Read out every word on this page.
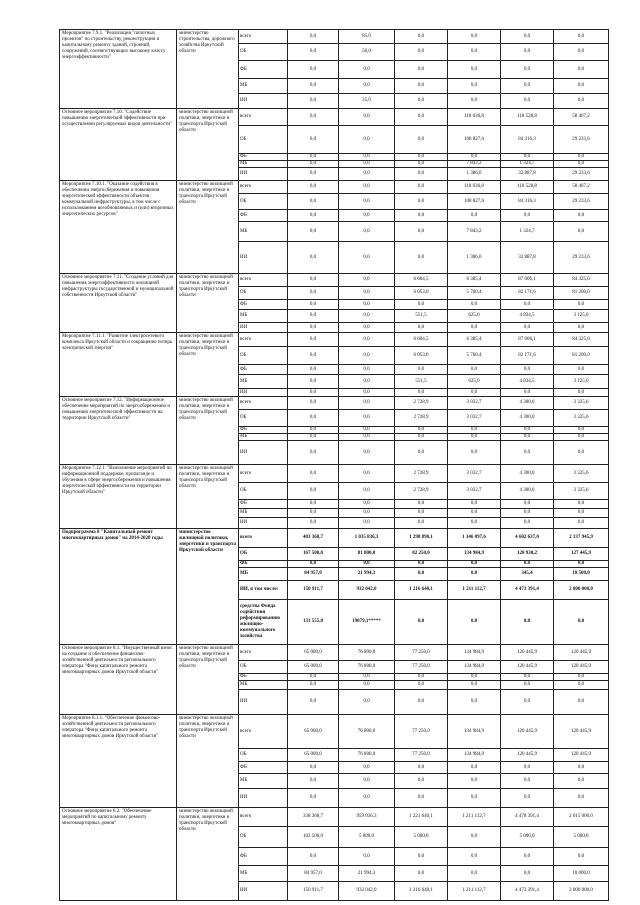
Мероприятие 7.9.1. "Реализация "пилотных проектов" по строительству, реконструкции и капитальному ремонту зданий, строений, сооружений, соответствующих высокому классу энергоэффективности"	министерство строительства, дорожного хозяйства Иркутской области	всего	0,0	85,0	0,0	0,0	0,0	0,0	
		ОБ	0,0	50,0	0,0	0,0	0,0	0,0	
		ФБ	0,0	0,0	0,0	0,0	0,0	0,0	
		МБ	0,0	0,0	0,0	0,0	0,0	0,0	
		ИИ	0,0	35,0	0,0	0,0	0,0	0,0	
Основное мероприятие 7.10. "Содействие повышению энергетической эффективности при осуществлении регулируемых видов деятельности"	министерство жилищной политики, энергетики и транспорта Иркутской области	всего	0,0	0,0	0,0	118 036,8	118 528,8	58 467,2	
		ОБ	0,0	0,0	0,0	108 827,6	84 316,3	29 233,6	
		ФБ	0,0	0,0	0,0	0,0	0,0	0,0	
		МБ	0,0	0,0	0,0	7 843,2	1 324,7	0,0	
		ИИ	0,0	0,0	0,0	1 386,0	32 887,8	29 233,6	
Мероприятие 7.10.1. "Оказание содействия в обеспечении энергосбережения и повышения энергетической эффективности объектов коммунальной инфраструктуры, в том числе с использованием возобновляемых и (или) вторичных энергетических ресурсов"	министерство жилищной политики, энергетики и транспорта Иркутской области	всего	0,0	0,0	0,0	118 036,8	118 528,8	58 467,2	
		ОБ	0,0	0,0	0,0	108 827,6	84 316,3	29 233,6	
		ФБ	0,0	0,0	0,0	0,0	0,0	0,0	
		МБ	0,0	0,0	0,0	7 843,2	1 324,7	0,0	
		ИИ	0,0	0,0	0,0	1 386,0	32 887,8	29 233,6	
Основное мероприятие 7.11. "Создание условий для повышения энергоэффективности жилищной инфраструктуры государственной и муниципальной собственности Иркутской области"	министерство жилищной политики, энергетики и транспорта Иркутской области	всего	0,0	0,0	6 604,5	6 385,4	87 006,1	84 325,0	
		ОБ	0,0	0,0	6 053,0	5 760,4	82 171,6	81 200,0	
		ФБ	0,0	0,0	0,0	0,0	0,0	0,0	
		МБ	0,0	0,0	551,5	625,0	4 834,5	3 125,0	
		ИИ	0,0	0,0	0,0	0,0	0,0	0,0	
Мероприятие 7.11.1. "Развитие электросетевого комплекса Иркутской области и сокращение потерь электрической энергии"	министерство жилищной политики, энергетики и транспорта Иркутской области	всего	0,0	0,0	6 604,5	6 385,4	87 006,1	84 325,0	
		ОБ	0,0	0,0	6 053,0	5 760,4	82 171,6	81 200,0	
		ФБ	0,0	0,0	0,0	0,0	0,0	0,0	
		МБ	0,0	0,0	551,5	625,0	4 834,5	3 125,0	
		ИИ	0,0	0,0	0,0	0,0	0,0	0,0	
Основное мероприятие 7.12. "Информационное обеспечение мероприятий по энергосбережению и повышению энергетической эффективности на территории Иркутской области"	министерство жилищной политики, энергетики и транспорта Иркутской области	всего	0,0	0,0	2 728,9	3 032,7	4 300,0	3 325,6	
		ОБ	0,0	0,0	2 728,9	3 032,7	4 300,0	3 325,6	
		ФБ	0,0	0,0	0,0	0,0	0,0	0,0	
		МБ	0,0	0,0	0,0	0,0	0,0	0,0	
		ИИ	0,0	0,0	0,0	0,0	0,0	0,0	
Мероприятие 7.12.1. "Выполнение мероприятий по информационной поддержке, пропаганде и обучению в сфере энергосбережения и повышения энергетической эффективности на территории Иркутской области"	министерство жилищной политики, энергетики и транспорта Иркутской области	всего	0,0	0,0	2 728,9	3 032,7	4 300,0	3 325,6	
		ОБ	0,0	0,0	2 728,9	3 032,7	4 300,0	3 325,6	
		ФБ	0,0	0,0	0,0	0,0	0,0	0,0	
		МБ	0,0	0,0	0,0	0,0	0,0	0,0	
		ИИ	0,0	0,0	0,0	0,0	0,0	0,0	
Подпрограмма 8 "Капитальный ремонт многоквартирных домов" на 2014-2020 годы	министерство жилищной политики, энергетики и транспорта Иркутской области	всего	403 368,7	1 035 836,3	1 298 890,1	1 346 097,6	4 602 637,0	2 137 945,9	
		ОБ	167 500,0	81 800,0	82 250,0	134 984,9	128 930,2	127 445,9	
		ФБ	0,0	0,0	0,0	0,0	0,0	0,0	
		МБ	84 957,0	21 994,3	0,0	0,0	345,4	10 500,0	
		ИИ, в том числе:	150 911,7	932 042,0	1 216 640,1	1 211 112,7	4 473 391,4	2 000 000,0	
		средства Фонда содействия реформированию жилищно-коммунального хозяйства	133 555,0	19079,1*****	0,0	0,0	0,0	0,0	
Основное мероприятие 8.1. "Имущественный взнос на создание и обеспечение финансово-хозяйственной деятельности регионального оператора "Фонд капитального ремонта многоквартирных домов Иркутской области"	министерство жилищной политики, энергетики и транспорта Иркутской области	всего	65 000,0	76 800,0	77 250,0	134 984,9	120 445,9	120 445,9	
		ОБ	65 000,0	76 800,0	77 250,0	134 984,9	120 445,9	120 445,9	
		ФБ	0,0	0,0	0,0	0,0	0,0	0,0	
		МБ	0,0	0,0	0,0	0,0	0,0	0,0	
		ИИ	0,0	0,0	0,0	0,0	0,0	0,0	
Мероприятие 8.1.1. "Обеспечение финансово-хозяйственной деятельности регионального оператора "Фонд капитального ремонта многоквартирных домов Иркутской области"	министерство жилищной политики, энергетики и транспорта Иркутской области	всего	65 000,0	76 800,0	77 250,0	134 984,9	120 445,9	120 445,9	
		ОБ	65 000,0	76 800,0	77 250,0	134 984,9	120 445,9	120 445,9	
		ФБ	0,0	0,0	0,0	0,0	0,0	0,0	
		МБ	0,0	0,0	0,0	0,0	0,0	0,0	
		ИИ	0,0	0,0	0,0	0,0	0,0	0,0	
Основное мероприятие 8.2. "Обеспечение мероприятий по капитальному ремонту многоквартирных домов"	министерство жилищной политики, энергетики и транспорта Иркутской области	всего	338 368,7	959 036,3	1 221 640,1	1 211 112,7	4 478 391,4	2 015 000,0	
		ОБ	102 500,0	5 000,0	5 000,0	0,0	5 000,0	5 000,0	
		ФБ	0,0	0,0	0,0	0,0	0,0	0,0	
		МБ	84 957,0	21 994,3	0,0	0,0	0,0	10 000,0	
		ИИ	150 911,7	932 042,0	1 216 640,1	1 211 112,7	4 473 391,4	2 000 000,0	
